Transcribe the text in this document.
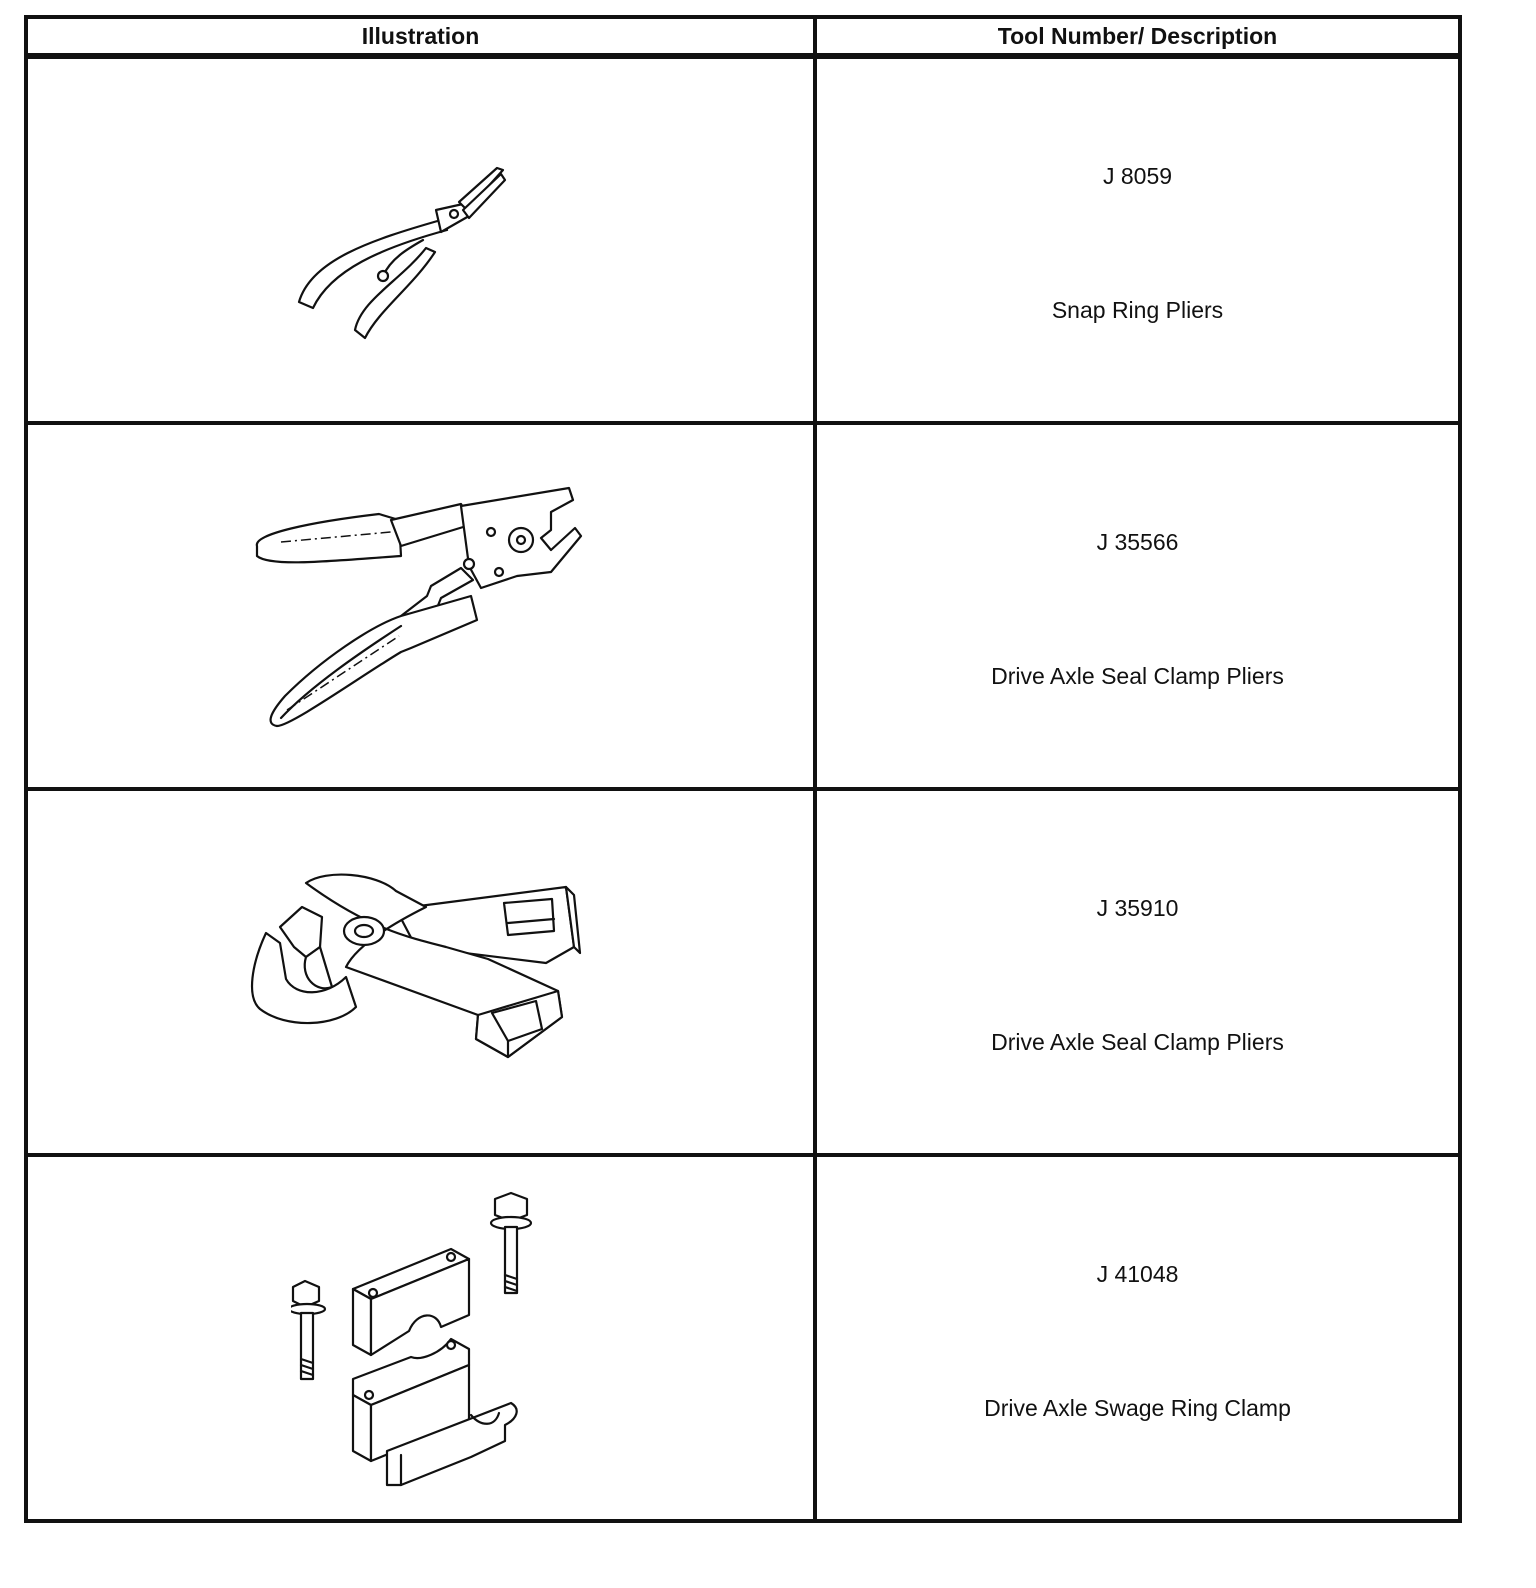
Illustration	Tool Number/ Description

J 8059
Snap Ring Pliers

J 35566
Drive Axle Seal Clamp Pliers

J 35910
Drive Axle Seal Clamp Pliers

J 41048
Drive Axle Swage Ring Clamp
